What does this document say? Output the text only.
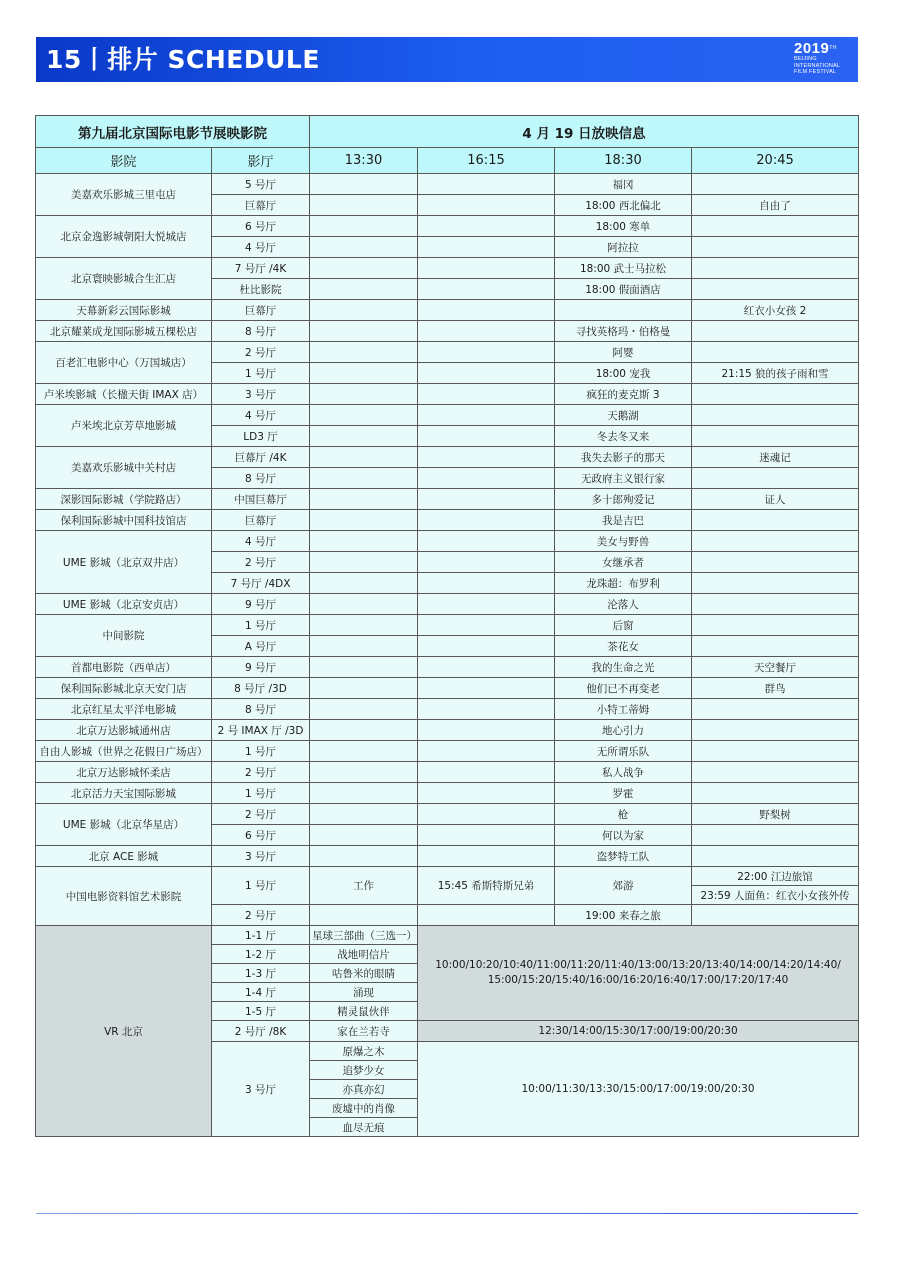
15丨排片 SCHEDULE	2019TH
BEIJING
INTERNATIONAL
FILM FESTIVAL
第九届北京国际电影节展映影院		4 月 19 日放映信息			
影院	影厅	13:30	16:15	18:30	20:45
美嘉欢乐影城三里屯店	5 号厅			福冈	
	巨幕厅			18:00 西北偏北	自由了
北京金逸影城朝阳大悦城店	6 号厅			18:00 寒单	
	4 号厅			阿拉拉	
北京寰映影城合生汇店	7 号厅 /4K			18:00 武士马拉松	
	杜比影院			18:00 假面酒店	
天幕新彩云国际影城	巨幕厅				红衣小女孩 2
北京耀莱成龙国际影城五棵松店	8 号厅			寻找英格玛・伯格曼	
百老汇电影中心（万国城店）	2 号厅			阿婴	
	1 号厅			18:00 宠我	21:15 狼的孩子雨和雪
卢米埃影城（长楹天街 IMAX 店）	3 号厅			疯狂的麦克斯 3	
卢米埃北京芳草地影城	4 号厅			天鹅湖	
	LD3 厅			冬去冬又来	
美嘉欢乐影城中关村店	巨幕厅 /4K			我失去影子的那天	迷魂记
	8 号厅			无政府主义银行家	
深影国际影城（学院路店）	中国巨幕厅			多十郎殉爱记	证人
保利国际影城中国科技馆店	巨幕厅			我是吉巴	
UME 影城（北京双井店）	4 号厅			美女与野兽	
	2 号厅			女继承者	
	7 号厅 /4DX			龙珠超：布罗利	
UME 影城（北京安贞店）	9 号厅			沦落人	
中间影院	1 号厅			后窗	
	A 号厅			茶花女	
首都电影院（西单店）	9 号厅			我的生命之光	天空餐厅
保利国际影城北京天安门店	8 号厅 /3D			他们已不再变老	群鸟
北京红星太平洋电影城	8 号厅			小特工蒂姆	
北京万达影城通州店	2 号 IMAX 厅 /3D			地心引力	
自由人影城（世界之花假日广场店）	1 号厅			无所谓乐队	
北京万达影城怀柔店	2 号厅			私人战争	
北京活力天宝国际影城	1 号厅			罗霍	
UME 影城（北京华星店）	2 号厅			枪	野梨树
	6 号厅			何以为家	
北京 ACE 影城	3 号厅			盗梦特工队	
中国电影资料馆艺术影院	1 号厅	工作	15:45 希斯特斯兄弟	郊游	22:00 江边旅馆
					23:59 人面鱼：红衣小女孩外传
	2 号厅			19:00 来春之旅	
VR 北京	1-1 厅	星球三部曲（三选一）	10:00/10:20/10:40/11:00/11:20/11:40/13:00/13:20/13:40/14:00/14:20/14:40/
15:00/15:20/15:40/16:00/16:20/16:40/17:00/17:20/17:40		

	1-2 厅	战地明信片			
	1-3 厅	咕鲁米的眼睛			
	1-4 厅	涌现			
	1-5 厅	精灵鼠伙伴			
	2 号厅 /8K	家在兰若寺	12:30/14:00/15:30/17:00/19:00/20:30		
	3 号厅	原爆之木	10:00/11:30/13:30/15:00/17:00/19:00/20:30		
		追梦少女			
		亦真亦幻			
		废墟中的肖像			
		血尽无痕			
